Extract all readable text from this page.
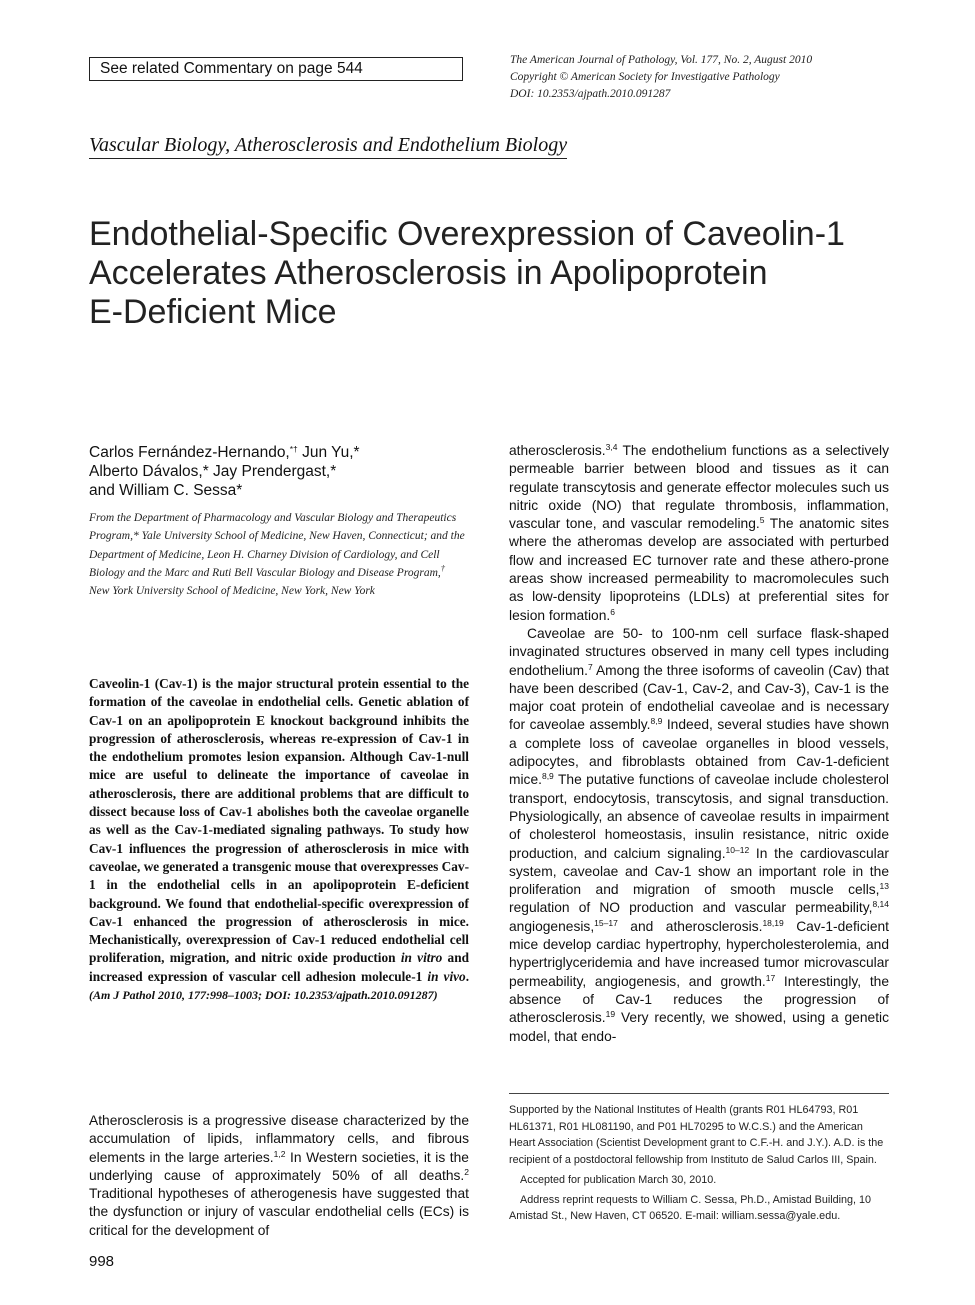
See related Commentary on page 544	The American Journal of Pathology, Vol. 177, No. 2, August 2010
Copyright © American Society for Investigative Pathology
DOI: 10.2353/ajpath.2010.091287
Vascular Biology, Atherosclerosis and Endothelium Biology
Endothelial-Specific Overexpression of Caveolin-1
Accelerates Atherosclerosis in Apolipoprotein
E-Deficient Mice
Carlos Fernández-Hernando,*† Jun Yu,*
Alberto Dávalos,* Jay Prendergast,*
and William C. Sessa*
From the Department of Pharmacology and Vascular Biology and Therapeutics Program,* Yale University School of Medicine, New Haven, Connecticut; and the Department of Medicine, Leon H. Charney Division of Cardiology, and Cell Biology and the Marc and Ruti Bell Vascular Biology and Disease Program,† New York University School of Medicine, New York, New York
Caveolin-1 (Cav-1) is the major structural protein essential to the formation of the caveolae in endothelial cells. Genetic ablation of Cav-1 on an apolipoprotein E knockout background inhibits the progression of atherosclerosis, whereas re-expression of Cav-1 in the endothelium promotes lesion expansion. Although Cav-1-null mice are useful to delineate the importance of caveolae in atherosclerosis, there are additional problems that are difficult to dissect because loss of Cav-1 abolishes both the caveolae organelle as well as the Cav-1-mediated signaling pathways. To study how Cav-1 influences the progression of atherosclerosis in mice with caveolae, we generated a transgenic mouse that overexpresses Cav-1 in the endothelial cells in an apolipoprotein E-deficient background. We found that endothelial-specific overexpression of Cav-1 enhanced the progression of atherosclerosis in mice. Mechanistically, overexpression of Cav-1 reduced endothelial cell proliferation, migration, and nitric oxide production in vitro and increased expression of vascular cell adhesion molecule-1 in vivo. (Am J Pathol 2010, 177:998–1003; DOI: 10.2353/ajpath.2010.091287)
Atherosclerosis is a progressive disease characterized by the accumulation of lipids, inflammatory cells, and fibrous elements in the large arteries.$^{1,2}$ In Western societies, it is the underlying cause of approximately 50% of all deaths.$^2$ Traditional hypotheses of atherogenesis have suggested that the dysfunction or injury of vascular endothelial cells (ECs) is critical for the development of

atherosclerosis.$^{3,4}$ The endothelium functions as a selectively permeable barrier between blood and tissues as it can regulate transcytosis and generate effector molecules such us nitric oxide (NO) that regulate thrombosis, inflammation, vascular tone, and vascular remodeling.$^5$ The anatomic sites where the atheromas develop are associated with perturbed flow and increased EC turnover rate and these athero-prone areas show increased permeability to macromolecules such as low-density lipoproteins (LDLs) at preferential sites for lesion formation.$^6$

Caveolae are 50- to 100-nm cell surface flask-shaped invaginated structures observed in many cell types including endothelium.$^7$ Among the three isoforms of caveolin (Cav) that have been described (Cav-1, Cav-2, and Cav-3), Cav-1 is the major coat protein of endothelial caveolae and is necessary for caveolae assembly.$^{8,9}$ Indeed, several studies have shown a complete loss of caveolae organelles in blood vessels, adipocytes, and fibroblasts obtained from Cav-1-deficient mice.$^{8,9}$ The putative functions of caveolae include cholesterol transport, endocytosis, transcytosis, and signal transduction. Physiologically, an absence of caveolae results in impairment of cholesterol homeostasis, insulin resistance, nitric oxide production, and calcium signaling.$^{10-12}$ In the cardiovascular system, caveolae and Cav-1 show an important role in the proliferation and migration of smooth muscle cells,$^{13}$ regulation of NO production and vascular permeability,$^{8,14}$ angiogenesis,$^{15-17}$ and atherosclerosis.$^{18,19}$ Cav-1-deficient mice develop cardiac hypertrophy, hypercholesterolemia, and hypertriglyceridemia and have increased tumor microvascular permeability, angiogenesis, and growth.$^{17}$ Interestingly, the absence of Cav-1 reduces the progression of atherosclerosis.$^{19}$ Very recently, we showed, using a genetic model, that endo-

Supported by the National Institutes of Health (grants R01 HL64793, R01 HL61371, R01 HL081190, and P01 HL70295 to W.C.S.) and the American Heart Association (Scientist Development grant to C.F.-H. and J.Y.). A.D. is the recipient of a postdoctoral fellowship from Instituto de Salud Carlos III, Spain.

Accepted for publication March 30, 2010.

Address reprint requests to William C. Sessa, Ph.D., Amistad Building, 10 Amistad St., New Haven, CT 06520. E-mail: william.sessa@yale.edu.

998
